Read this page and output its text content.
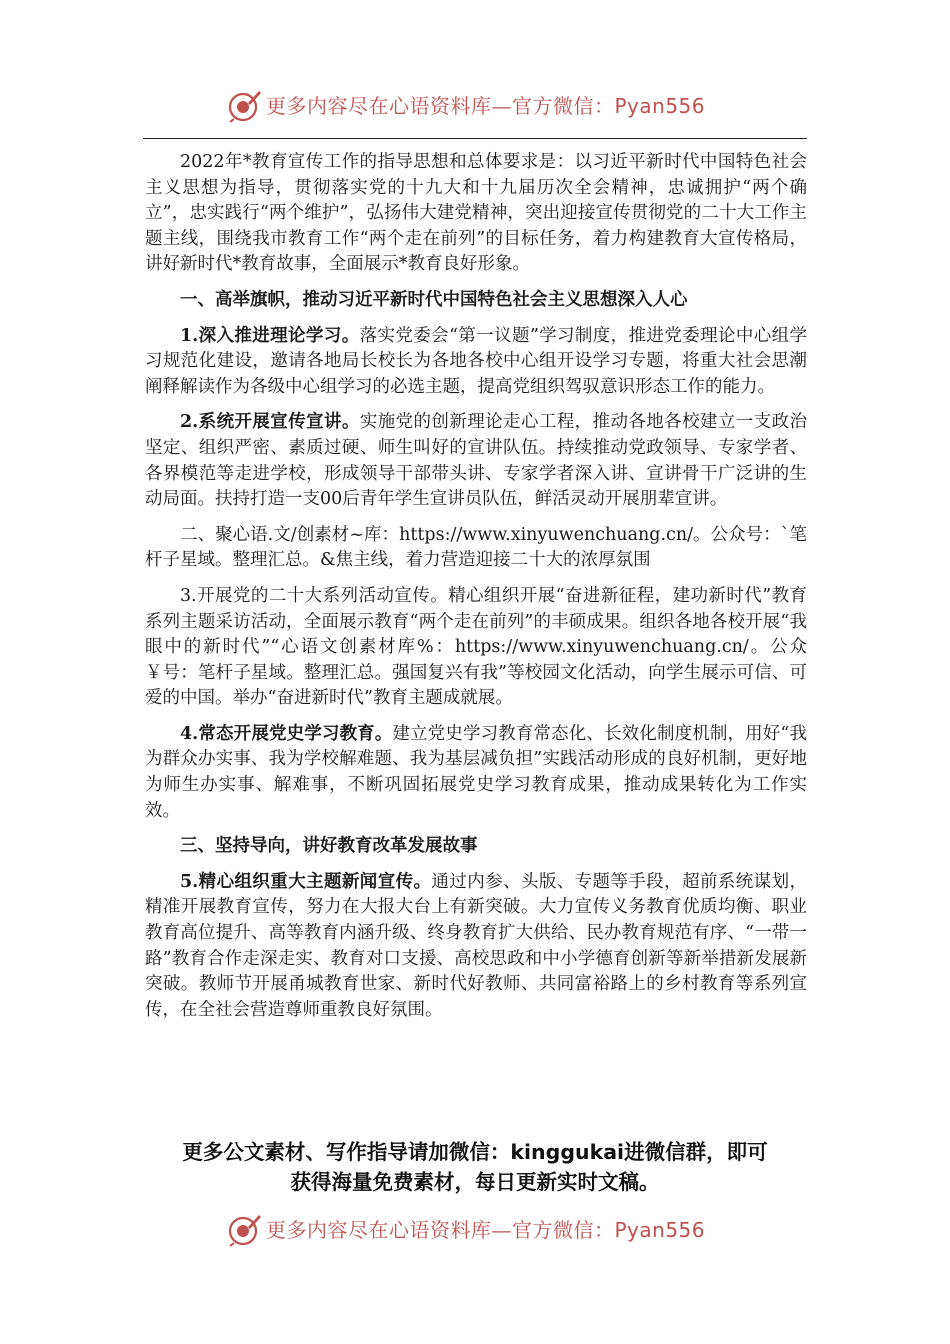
更多内容尽在心语资料库—官方微信：Pyan556

2022年*教育宣传工作的指导思想和总体要求是：以习近平新时代中国特色社会主义思想为指导，贯彻落实党的十九大和十九届历次全会精神，忠诚拥护“两个确立”，忠实践行“两个维护”，弘扬伟大建党精神，突出迎接宣传贯彻党的二十大工作主题主线，围绕我市教育工作“两个走在前列”的目标任务，着力构建教育大宣传格局，讲好新时代*教育故事，全面展示*教育良好形象。

一、高举旗帜，推动习近平新时代中国特色社会主义思想深入人心

1.深入推进理论学习。落实党委会“第一议题”学习制度，推进党委理论中心组学习规范化建设，邀请各地局长校长为各地各校中心组开设学习专题，将重大社会思潮阐释解读作为各级中心组学习的必选主题，提高党组织驾驭意识形态工作的能力。

2.系统开展宣传宣讲。实施党的创新理论走心工程，推动各地各校建立一支政治坚定、组织严密、素质过硬、师生叫好的宣讲队伍。持续推动党政领导、专家学者、各界模范等走进学校，形成领导干部带头讲、专家学者深入讲、宣讲骨干广泛讲的生动局面。扶持打造一支00后青年学生宣讲员队伍，鲜活灵动开展朋辈宣讲。

二、聚心语.文/创素材~库：https://www.xinyuwenchuang.cn/。公众号：`笔杆子星域。整理汇总。&焦主线，着力营造迎接二十大的浓厚氛围

3.开展党的二十大系列活动宣传。精心组织开展“奋进新征程，建功新时代”教育系列主题采访活动，全面展示教育“两个走在前列”的丰硕成果。组织各地各校开展“我眼中的新时代”“心语文创素材库%：https://www.xinyuwenchuang.cn/。公众￥号：笔杆子星域。整理汇总。强国复兴有我”等校园文化活动，向学生展示可信、可爱的中国。举办“奋进新时代”教育主题成就展。

4.常态开展党史学习教育。建立党史学习教育常态化、长效化制度机制，用好“我为群众办实事、我为学校解难题、我为基层减负担”实践活动形成的良好机制，更好地为师生办实事、解难事，不断巩固拓展党史学习教育成果，推动成果转化为工作实效。

三、坚持导向，讲好教育改革发展故事

5.精心组织重大主题新闻宣传。通过内参、头版、专题等手段，超前系统谋划，精准开展教育宣传，努力在大报大台上有新突破。大力宣传义务教育优质均衡、职业教育高位提升、高等教育内涵升级、终身教育扩大供给、民办教育规范有序、“一带一路”教育合作走深走实、教育对口支援、高校思政和中小学德育创新等新举措新发展新突破。教师节开展甬城教育世家、新时代好教师、共同富裕路上的乡村教育等系列宣传，在全社会营造尊师重教良好氛围。

更多公文素材、写作指导请加微信：kinggukai进微信群，即可
获得海量免费素材，每日更新实时文稿。
更多内容尽在心语资料库—官方微信：Pyan556
